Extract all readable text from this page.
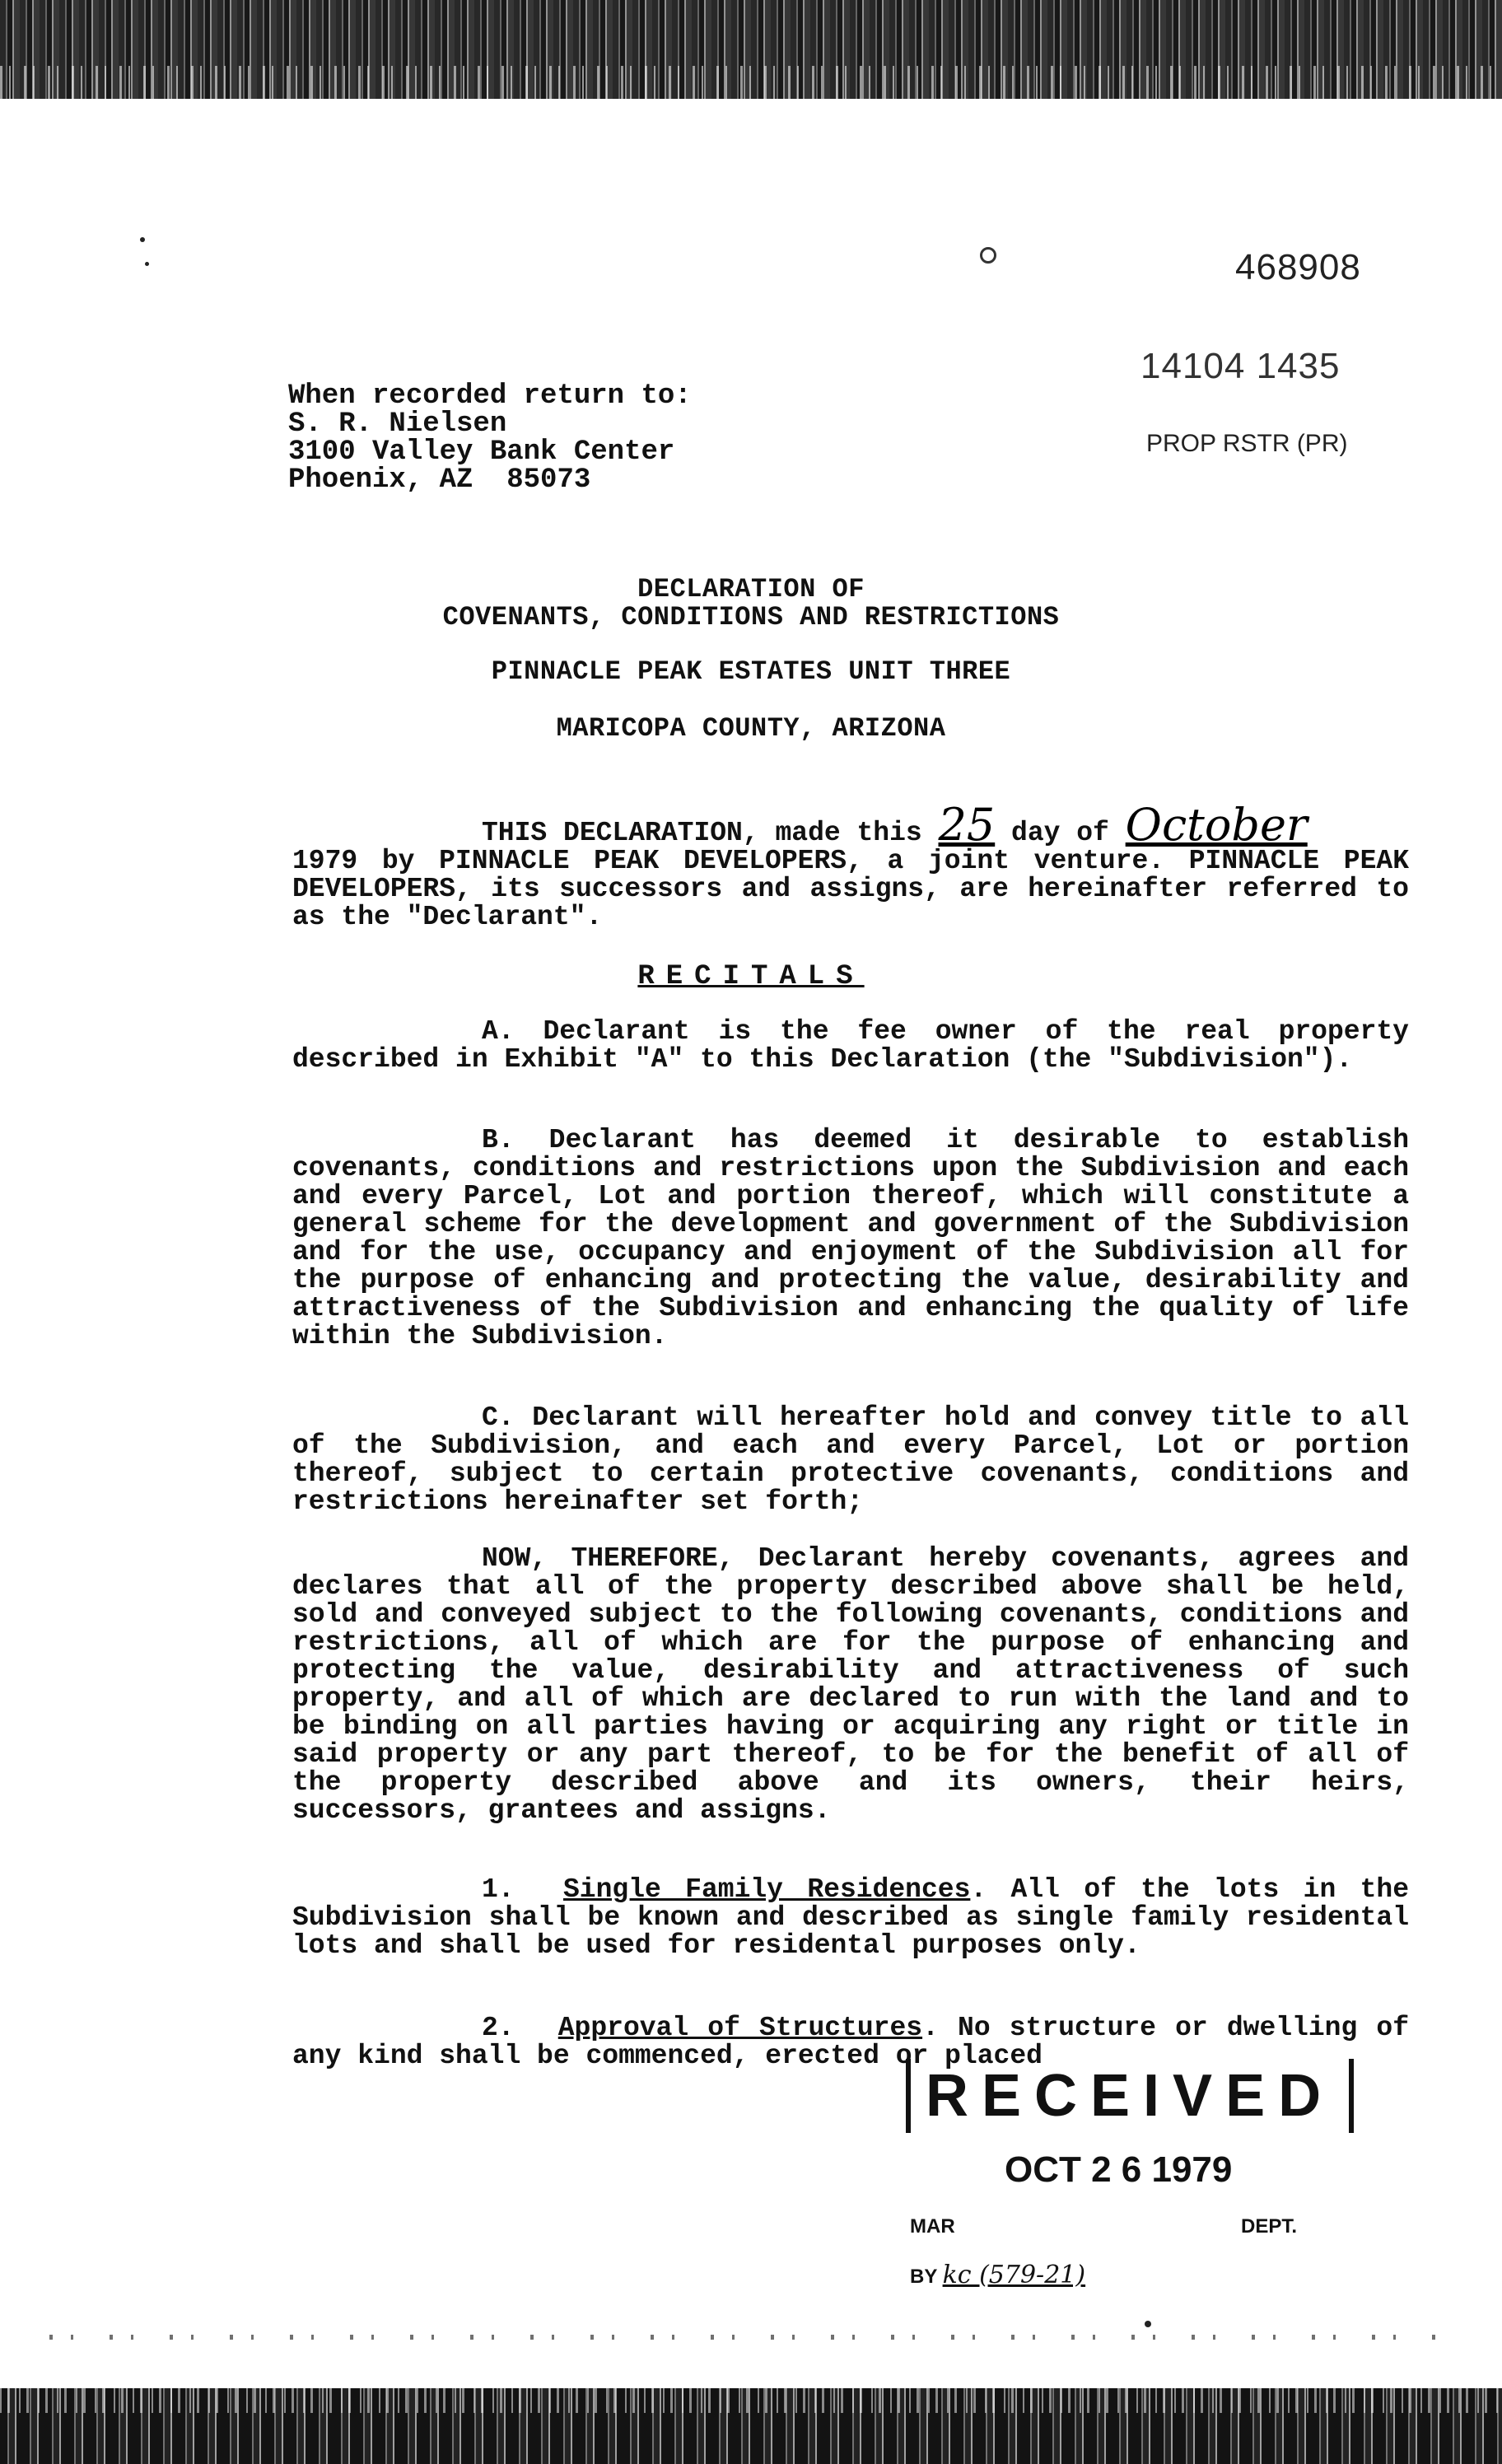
468908
14104 1435
PROP RSTR (PR)
When recorded return to:
S. R. Nielsen
3100 Valley Bank Center
Phoenix, AZ  85073
DECLARATION OF
COVENANTS, CONDITIONS AND RESTRICTIONS
PINNACLE PEAK ESTATES UNIT THREE
MARICOPA COUNTY, ARIZONA
THIS DECLARATION, made this 25 day of October
1979 by PINNACLE PEAK DEVELOPERS, a joint venture. PINNACLE PEAK DEVELOPERS, its successors and assigns, are hereinafter referred to as the "Declarant".
RECITALS
A. Declarant is the fee owner of the real property described in Exhibit "A" to this Declaration (the "Subdivision").
B. Declarant has deemed it desirable to establish covenants, conditions and restrictions upon the Subdivision and each and every Parcel, Lot and portion thereof, which will constitute a general scheme for the development and government of the Subdivision and for the use, occupancy and enjoyment of the Subdivision all for the purpose of enhancing and protecting the value, desirability and attractiveness of the Subdivision and enhancing the quality of life within the Subdivision.
C. Declarant will hereafter hold and convey title to all of the Subdivision, and each and every Parcel, Lot or portion thereof, subject to certain protective covenants, conditions and restrictions hereinafter set forth;
NOW, THEREFORE, Declarant hereby covenants, agrees and declares that all of the property described above shall be held, sold and conveyed subject to the following covenants, conditions and restrictions, all of which are for the purpose of enhancing and protecting the value, desirability and attractiveness of such property, and all of which are declared to run with the land and to be binding on all parties having or acquiring any right or title in said property or any part thereof, to be for the benefit of all of the property described above and its owners, their heirs, successors, grantees and assigns.
1. Single Family Residences. All of the lots in the Subdivision shall be known and described as single family residental lots and shall be used for residental purposes only.
2. Approval of Structures. No structure or dwelling of any kind shall be commenced, erected or placed
RECEIVED
OCT 2 6 1979
MAR	DEPT.
BY kc (579-21)
